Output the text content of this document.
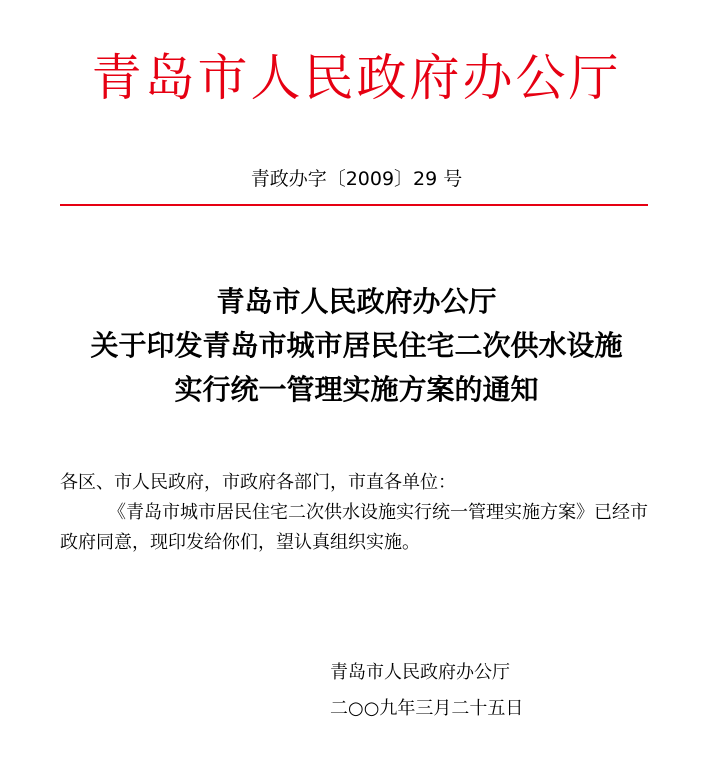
青岛市人民政府办公厅
青政办字〔2009〕29 号
青岛市人民政府办公厅
关于印发青岛市城市居民住宅二次供水设施
实行统一管理实施方案的通知
各区、市人民政府，市政府各部门，市直各单位：
《青岛市城市居民住宅二次供水设施实行统一管理实施方案》已经市政府同意，现印发给你们，望认真组织实施。
青岛市人民政府办公厅
二○○九年三月二十五日
